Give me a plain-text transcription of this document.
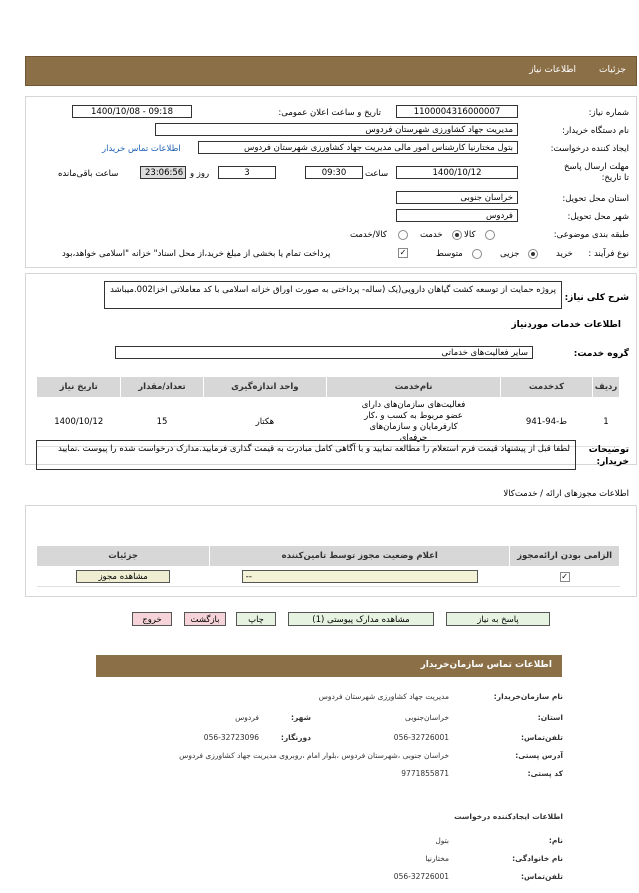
جزئیات
اطلاعات نیاز
شماره نیاز:
1100004316000007
تاریخ و ساعت اعلان عمومی:
1400/10/08 - 09:18
نام دستگاه خریدار:
مدیریت جهاد کشاورزی شهرستان فردوس
ایجاد کننده درخواست:
بتول مختارنیا کارشناس امور مالی مدیریت جهاد کشاورزی شهرستان فردوس
اطلاعات تماس خریدار
مهلت ارسال پاسخ تا تاریخ:
1400/10/12
ساعت
09:30
3
روز و
23:06:56
ساعت باقی‌مانده
استان محل تحویل:
خراسان جنوبی
شهر محل تحویل:
فردوس
طبقه بندی موضوعی:
کالا
خدمت
کالا/خدمت
نوع فرآیند :
خرید
جزیی
متوسط
✓
پرداخت تمام یا بخشی از مبلغ خرید،از محل اسناد" خزانه "اسلامی خواهد،بود
شرح کلی نیاز:
پروژه حمایت از توسعه کشت گیاهان دارویی(یک (ساله- پرداختی به صورت اوراق خزانه اسلامی با کد معاملاتی اخزا002.میباشد
اطلاعات خدمات مورد‌نیاز
گروه خدمت:
سایر فعالیت‌های خدماتی
ردیف	کدخدمت	نام‌خدمت	واحد اندازه‌گیری	تعداد/مقدار	تاریخ نیاز
1	ط-94-941	فعالیت‌های سازمان‌های دارای عضو مربوط به کسب و ،کار کارفرمایان و سازمان‌های حرفه‌ای	هکتار	15	1400/10/12
توضیحات خریدار:
لطفا قبل از پیشنهاد قیمت فرم استعلام را مطالعه نمایید و با آگاهی کامل مبادرت به قیمت گذاری فرمایید.مدارک درخواست شده را پیوست .نمایید
اطلاعات مجوزهای ارائه / خدمت‌کالا
الزامی بودن ارائه‌مجوز	اعلام وضعیت مجوز توسط تامین‌کننده	جزئیات
✓	--	مشاهده مجوز
پاسخ به نیاز
مشاهده مدارک پیوستی (1)
چاپ
بازگشت
خروج
اطلاعات تماس سازمان‌خریدار
نام سازمان‌خریدار:
مدیریت جهاد کشاورزی شهرستان فردوس
استان:
خراسان‌جنوبی
شهر:
فردوس
تلفن‌تماس:
056-32726001
دورنگار:
056-32723096
آدرس پستی:
خراسان جنوبی ،شهرستان فردوس ،بلوار امام ،روبروی مدیریت جهاد کشاورزی فردوس
کد پستی:
9771855871
اطلاعات ایجادکننده درخواست
نام:
بتول
نام خانوادگی:
مختارنیا
تلفن‌تماس:
056-32726001
